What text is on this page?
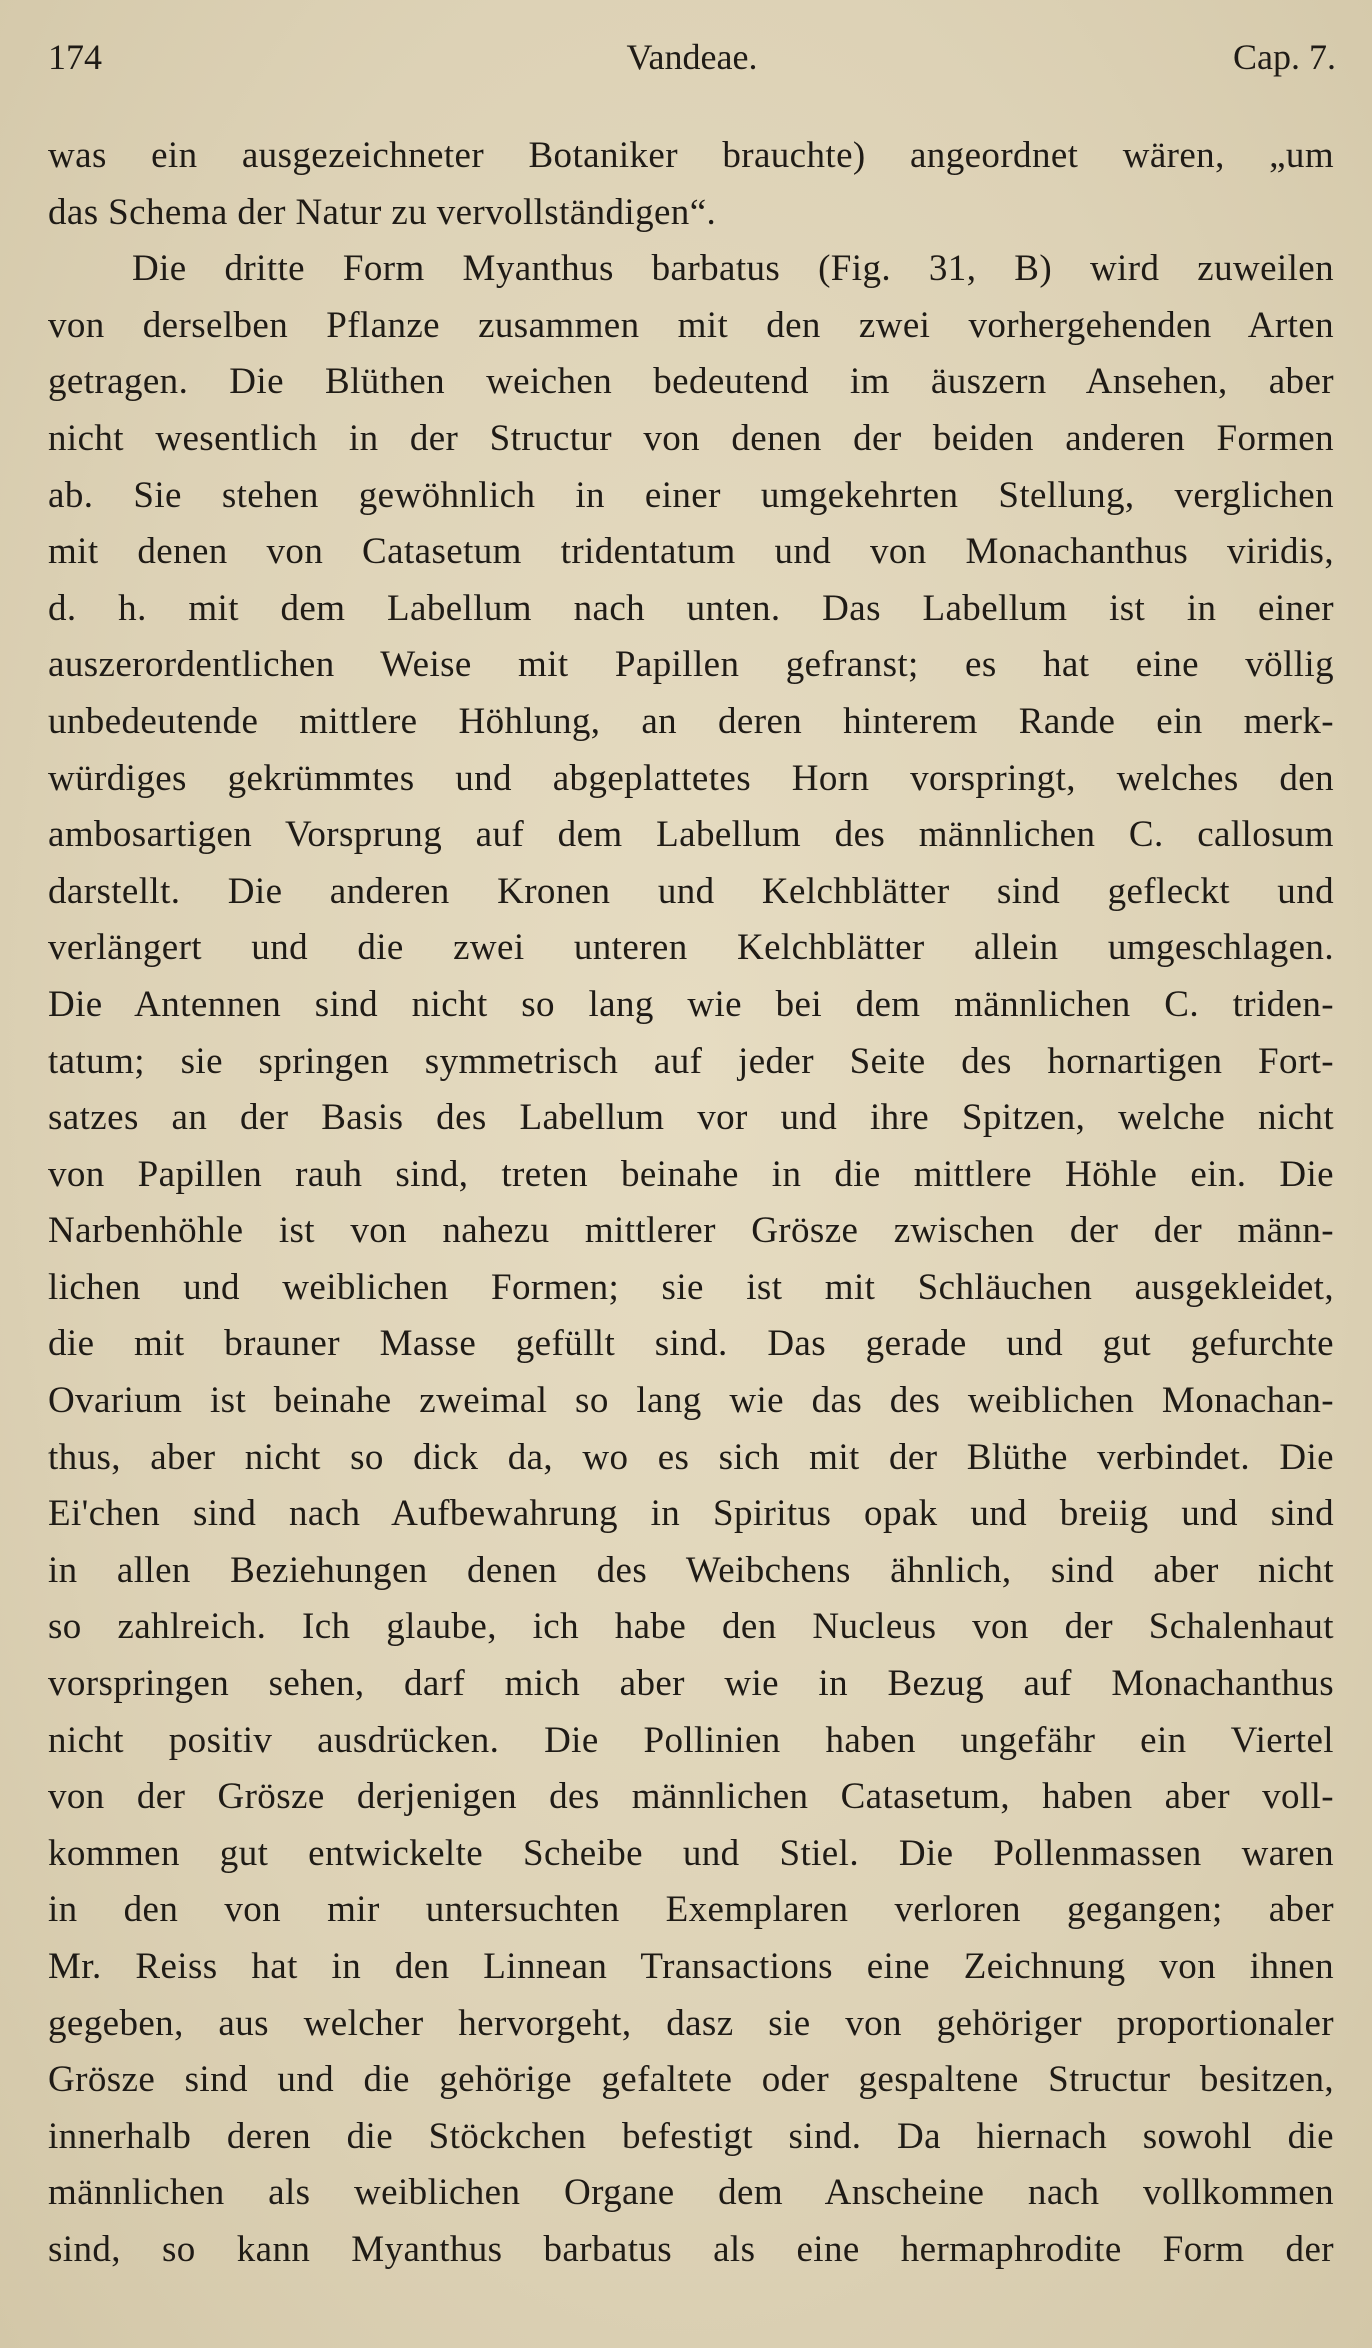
174	Vandeae.	Cap. 7.
was ein ausgezeichneter Botaniker brauchte) angeordnet wären, „um
das Schema der Natur zu vervollständigen“.
Die dritte Form Myanthus barbatus (Fig. 31, B) wird zuweilen
von derselben Pflanze zusammen mit den zwei vorhergehenden Arten
getragen. Die Blüthen weichen bedeutend im äuszern Ansehen, aber
nicht wesentlich in der Structur von denen der beiden anderen Formen
ab. Sie stehen gewöhnlich in einer umgekehrten Stellung, verglichen
mit denen von Catasetum tridentatum und von Monachanthus viridis,
d. h. mit dem Labellum nach unten. Das Labellum ist in einer
auszerordentlichen Weise mit Papillen gefranst; es hat eine völlig
unbedeutende mittlere Höhlung, an deren hinterem Rande ein merk-
würdiges gekrümmtes und abgeplattetes Horn vorspringt, welches den
ambosartigen Vorsprung auf dem Labellum des männlichen C. callosum
darstellt. Die anderen Kronen und Kelchblätter sind gefleckt und
verlängert und die zwei unteren Kelchblätter allein umgeschlagen.
Die Antennen sind nicht so lang wie bei dem männlichen C. triden-
tatum; sie springen symmetrisch auf jeder Seite des hornartigen Fort-
satzes an der Basis des Labellum vor und ihre Spitzen, welche nicht
von Papillen rauh sind, treten beinahe in die mittlere Höhle ein. Die
Narbenhöhle ist von nahezu mittlerer Grösze zwischen der der männ-
lichen und weiblichen Formen; sie ist mit Schläuchen ausgekleidet,
die mit brauner Masse gefüllt sind. Das gerade und gut gefurchte
Ovarium ist beinahe zweimal so lang wie das des weiblichen Monachan-
thus, aber nicht so dick da, wo es sich mit der Blüthe verbindet. Die
Ei'chen sind nach Aufbewahrung in Spiritus opak und breiig und sind
in allen Beziehungen denen des Weibchens ähnlich, sind aber nicht
so zahlreich. Ich glaube, ich habe den Nucleus von der Schalenhaut
vorspringen sehen, darf mich aber wie in Bezug auf Monachanthus
nicht positiv ausdrücken. Die Pollinien haben ungefähr ein Viertel
von der Grösze derjenigen des männlichen Catasetum, haben aber voll-
kommen gut entwickelte Scheibe und Stiel. Die Pollenmassen waren
in den von mir untersuchten Exemplaren verloren gegangen; aber
Mr. Reiss hat in den Linnean Transactions eine Zeichnung von ihnen
gegeben, aus welcher hervorgeht, dasz sie von gehöriger proportionaler
Grösze sind und die gehörige gefaltete oder gespaltene Structur besitzen,
innerhalb deren die Stöckchen befestigt sind. Da hiernach sowohl die
männlichen als weiblichen Organe dem Anscheine nach vollkommen
sind, so kann Myanthus barbatus als eine hermaphrodite Form der
